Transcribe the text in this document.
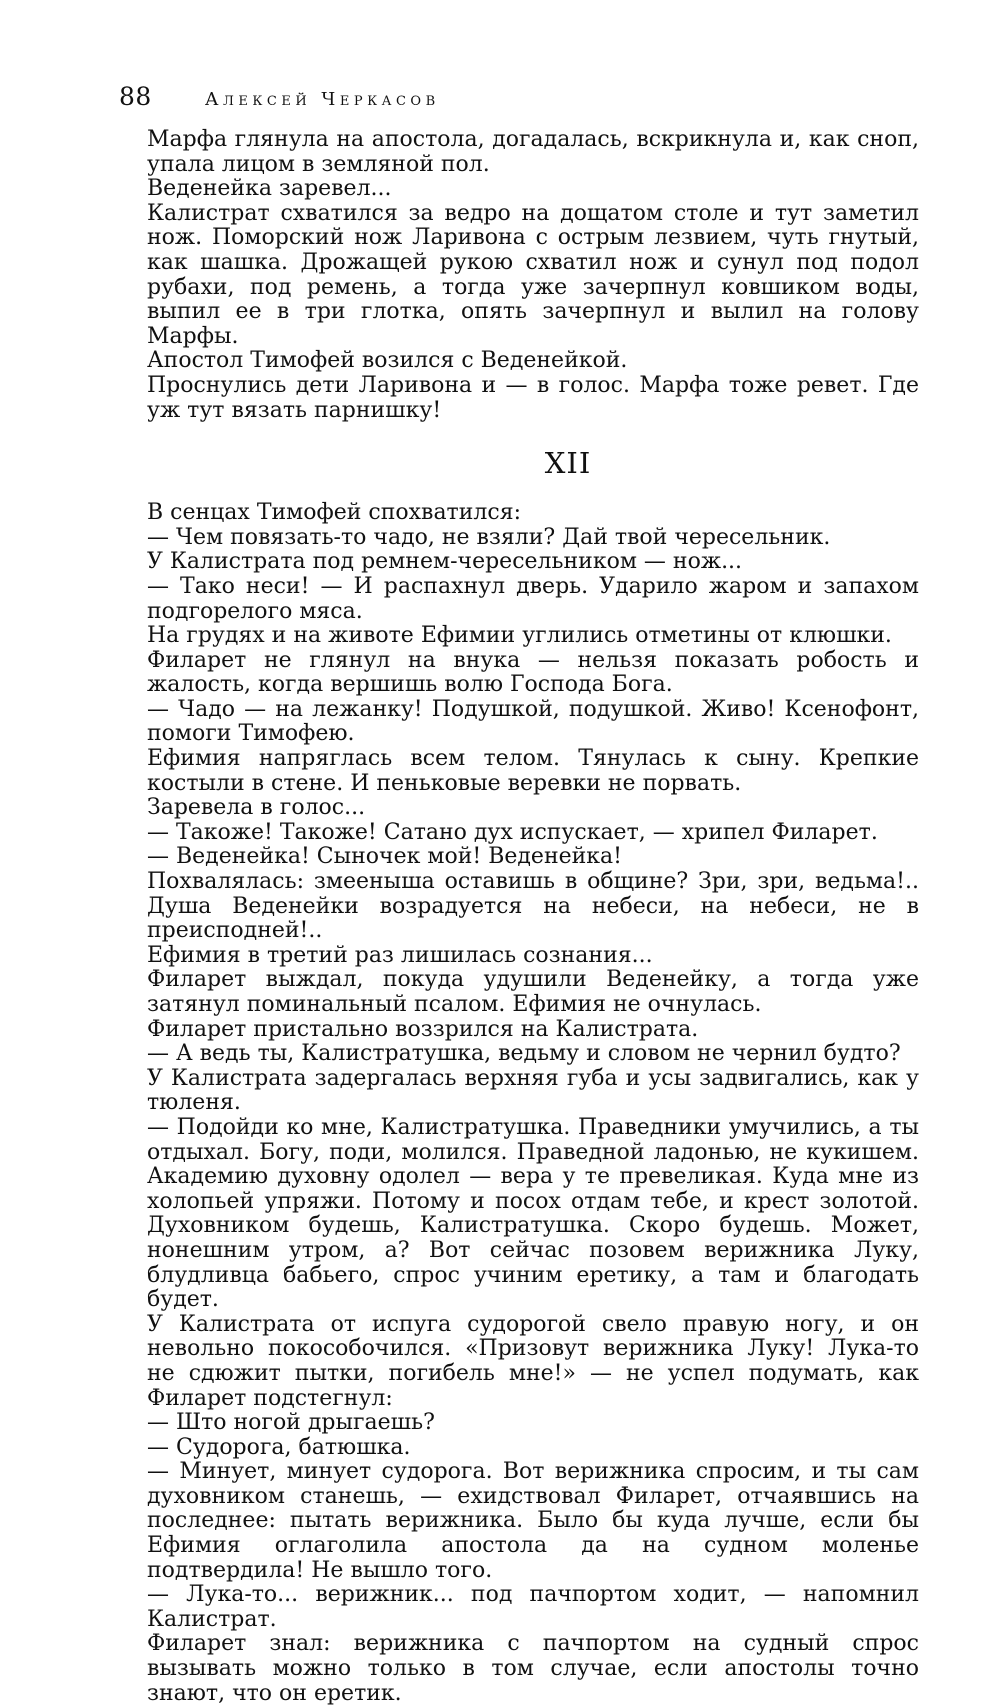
88	Алексей Черкасов

Марфа глянула на апостола, догадалась, вскрикнула и, как сноп, упала лицом в земляной пол.

Веденейка заревел...

Калистрат схватился за ведро на дощатом столе и тут заметил нож. Поморский нож Ларивона с острым лезвием, чуть гнутый, как шашка. Дрожащей рукою схватил нож и сунул под подол рубахи, под ремень, а тогда уже зачерпнул ковшиком воды, выпил ее в три глотка, опять зачерпнул и вылил на голову Марфы.

Апостол Тимофей возился с Веденейкой.

Проснулись дети Ларивона и — в голос. Марфа тоже ревет. Где уж тут вязать парнишку!

XII

В сенцах Тимофей спохватился:

— Чем повязать-то чадо, не взяли? Дай твой чересельник.

У Калистрата под ремнем-чересельником — нож...

— Тако неси! — И распахнул дверь. Ударило жаром и запахом подгорелого мяса.

На грудях и на животе Ефимии углились отметины от клюшки.

Филарет не глянул на внука — нельзя показать робость и жалость, когда вершишь волю Господа Бога.

— Чадо — на лежанку! Подушкой, подушкой. Живо! Ксенофонт, помоги Тимофею.

Ефимия напряглась всем телом. Тянулась к сыну. Крепкие костыли в стене. И пеньковые веревки не порвать.

Заревела в голос...

— Такоже! Такоже! Сатано дух испускает, — хрипел Филарет.

— Веденейка! Сыночек мой! Веденейка!

Похвалялась: змееныша оставишь в общине? Зри, зри, ведьма!.. Душа Веденейки возрадуется на небеси, на небеси, не в преисподней!..

Ефимия в третий раз лишилась сознания...

Филарет выждал, покуда удушили Веденейку, а тогда уже затянул поминальный псалом. Ефимия не очнулась.

Филарет пристально воззрился на Калистрата.

— А ведь ты, Калистратушка, ведьму и словом не чернил будто?

У Калистрата задергалась верхняя губа и усы задвигались, как у тюленя.

— Подойди ко мне, Калистратушка. Праведники умучились, а ты отдыхал. Богу, поди, молился. Праведной ладонью, не кукишем. Академию духовну одолел — вера у те превеликая. Куда мне из холопьей упряжи. Потому и посох отдам тебе, и крест золотой. Духовником будешь, Калистратушка. Скоро будешь. Может, нонешним утром, а? Вот сейчас позовем верижника Луку, блудливца бабьего, спрос учиним еретику, а там и благодать будет.

У Калистрата от испуга судорогой свело правую ногу, и он невольно покособочился. «Призовут верижника Луку! Лука-то не сдюжит пытки, погибель мне!» — не успел подумать, как Филарет подстегнул:

— Што ногой дрыгаешь?

— Судорога, батюшка.

— Минует, минует судорога. Вот верижника спросим, и ты сам духовником станешь, — ехидствовал Филарет, отчаявшись на последнее: пытать верижника. Было бы куда лучше, если бы Ефимия оглаголила апостола да на судном моленье подтвердила! Не вышло того.

— Лука-то... верижник... под пачпортом ходит, — напомнил Калистрат.

Филарет знал: верижника с пачпортом на судный спрос вызывать можно только в том случае, если апостолы точно знают, что он еретик.
